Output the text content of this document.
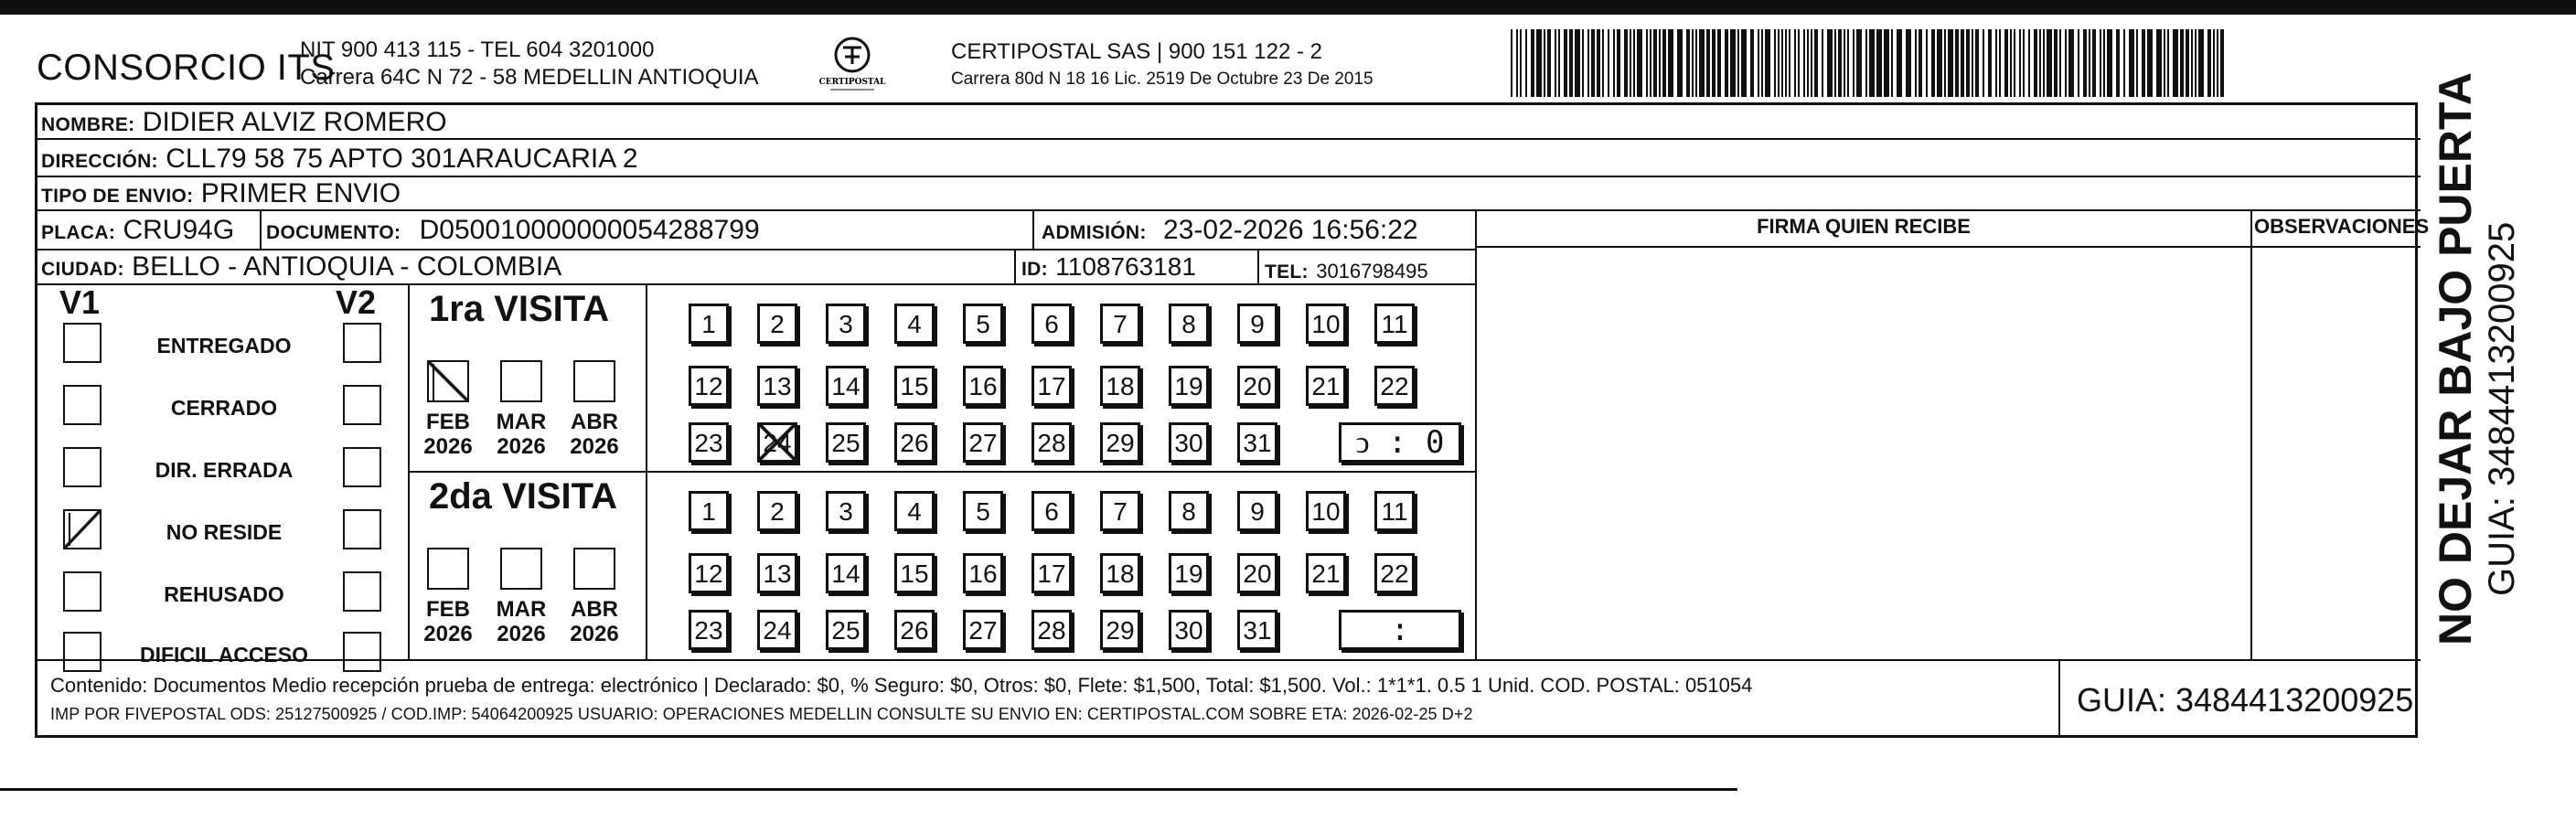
CONSORCIO ITS
NIT 900 413 115 - TEL 604 3201000
Carrera 64C N 72 - 58 MEDELLIN ANTIOQUIA	CERTIPOSTAL
CERTIPOSTAL SAS | 900 151 122 - 2
Carrera 80d N 18 16 Lic. 2519 De Octubre 23 De 2015
NOMBRE: DIDIER ALVIZ ROMERO
DIRECCIÓN: CLL79 58 75 APTO 301ARAUCARIA 2
TIPO DE ENVIO: PRIMER ENVIO
FIRMA QUIEN RECIBE	OBSERVACIONES
PLACA: CRU94G DOCUMENTO: D050010000000054288799	ADMISIÓN: 23-02-2026 16:56:22
CIUDAD: BELLO - ANTIOQUIA - COLOMBIA	ID: 1108763181	TEL: 3016798495
V1	V2
ENTREGADO
CERRADO
DIR. ERRADA
NO RESIDE
REHUSADO
DIFICIL ACCESO
1ra VISITA
FEB
2026
MAR
2026
ABR
2026
1	2	3	4	5	6	7	8	9	10 11
12 13 14 15 16 17 18 19 20 21 22
23 24 25 26 27 28 29 30 31	ↄ : 0
2da VISITA
FEB
2026
MAR
2026
ABR
2026
1	2	3	4	5	6	7	8	9	10 11
12 13 14 15 16 17 18 19 20 21 22
23 24 25 26 27 28 29 30 31	:
Contenido: Documentos Medio recepción prueba de entrega: electrónico | Declarado: $0, % Seguro: $0, Otros: $0, Flete: $1,500, Total: $1,500. Vol.: 1*1*1. 0.5 1 Unid. COD. POSTAL: 051054
IMP POR FIVEPOSTAL ODS: 25127500925 / COD.IMP: 54064200925 USUARIO: OPERACIONES MEDELLIN CONSULTE SU ENVIO EN: CERTIPOSTAL.COM SOBRE ETA: 2026-02-25 D+2	GUIA: 3484413200925
NO DEJAR BAJO PUERTA GUIA: 3484413200925
